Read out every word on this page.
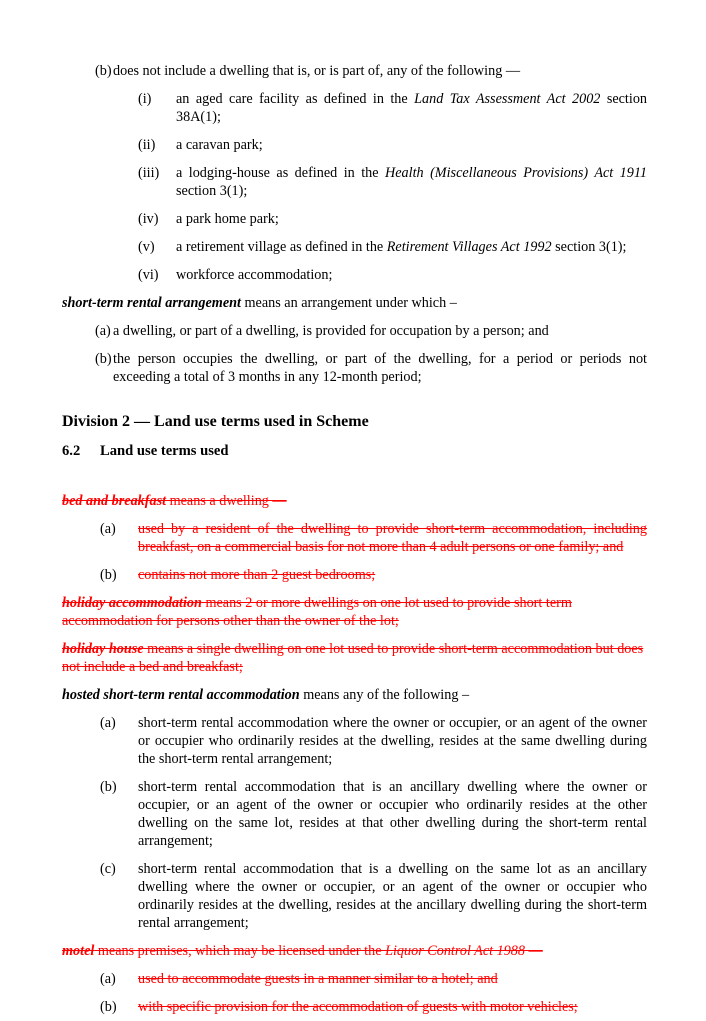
(b) does not include a dwelling that is, or is part of, any of the following —
(i)	an aged care facility as defined in the Land Tax Assessment Act 2002 section 38A(1);
(ii)	a caravan park;
(iii)	a lodging-house as defined in the Health (Miscellaneous Provisions) Act 1911 section 3(1);
(iv)	a park home park;
(v)	a retirement village as defined in the Retirement Villages Act 1992 section 3(1);
(vi)	workforce accommodation;
short-term rental arrangement means an arrangement under which –
(a) a dwelling, or part of a dwelling, is provided for occupation by a person; and
(b) the person occupies the dwelling, or part of the dwelling, for a period or periods not exceeding a total of 3 months in any 12-month period;
Division 2 — Land use terms used in Scheme
6.2 Land use terms used
bed and breakfast means a dwelling —
(a)	used by a resident of the dwelling to provide short-term accommodation, including breakfast, on a commercial basis for not more than 4 adult persons or one family; and
(b)	contains not more than 2 guest bedrooms;
holiday accommodation means 2 or more dwellings on one lot used to provide short term
accommodation for persons other than the owner of the lot;
holiday house means a single dwelling on one lot used to provide short-term accommodation but does
not include a bed and breakfast;
hosted short-term rental accommodation means any of the following –
(a)	short-term rental accommodation where the owner or occupier, or an agent of the owner or occupier who ordinarily resides at the dwelling, resides at the same dwelling during the short-term rental arrangement;
(b)	short-term rental accommodation that is an ancillary dwelling where the owner or occupier, or an agent of the owner or occupier who ordinarily resides at the other dwelling on the same lot, resides at that other dwelling during the short-term rental arrangement;
(c)	short-term rental accommodation that is a dwelling on the same lot as an ancillary dwelling where the owner or occupier, or an agent of the owner or occupier who ordinarily resides at the dwelling, resides at the ancillary dwelling during the short-term rental arrangement;
motel means premises, which may be licensed under the Liquor Control Act 1988 —
(a)	used to accommodate guests in a manner similar to a hotel; and
(b)	with specific provision for the accommodation of guests with motor vehicles;
